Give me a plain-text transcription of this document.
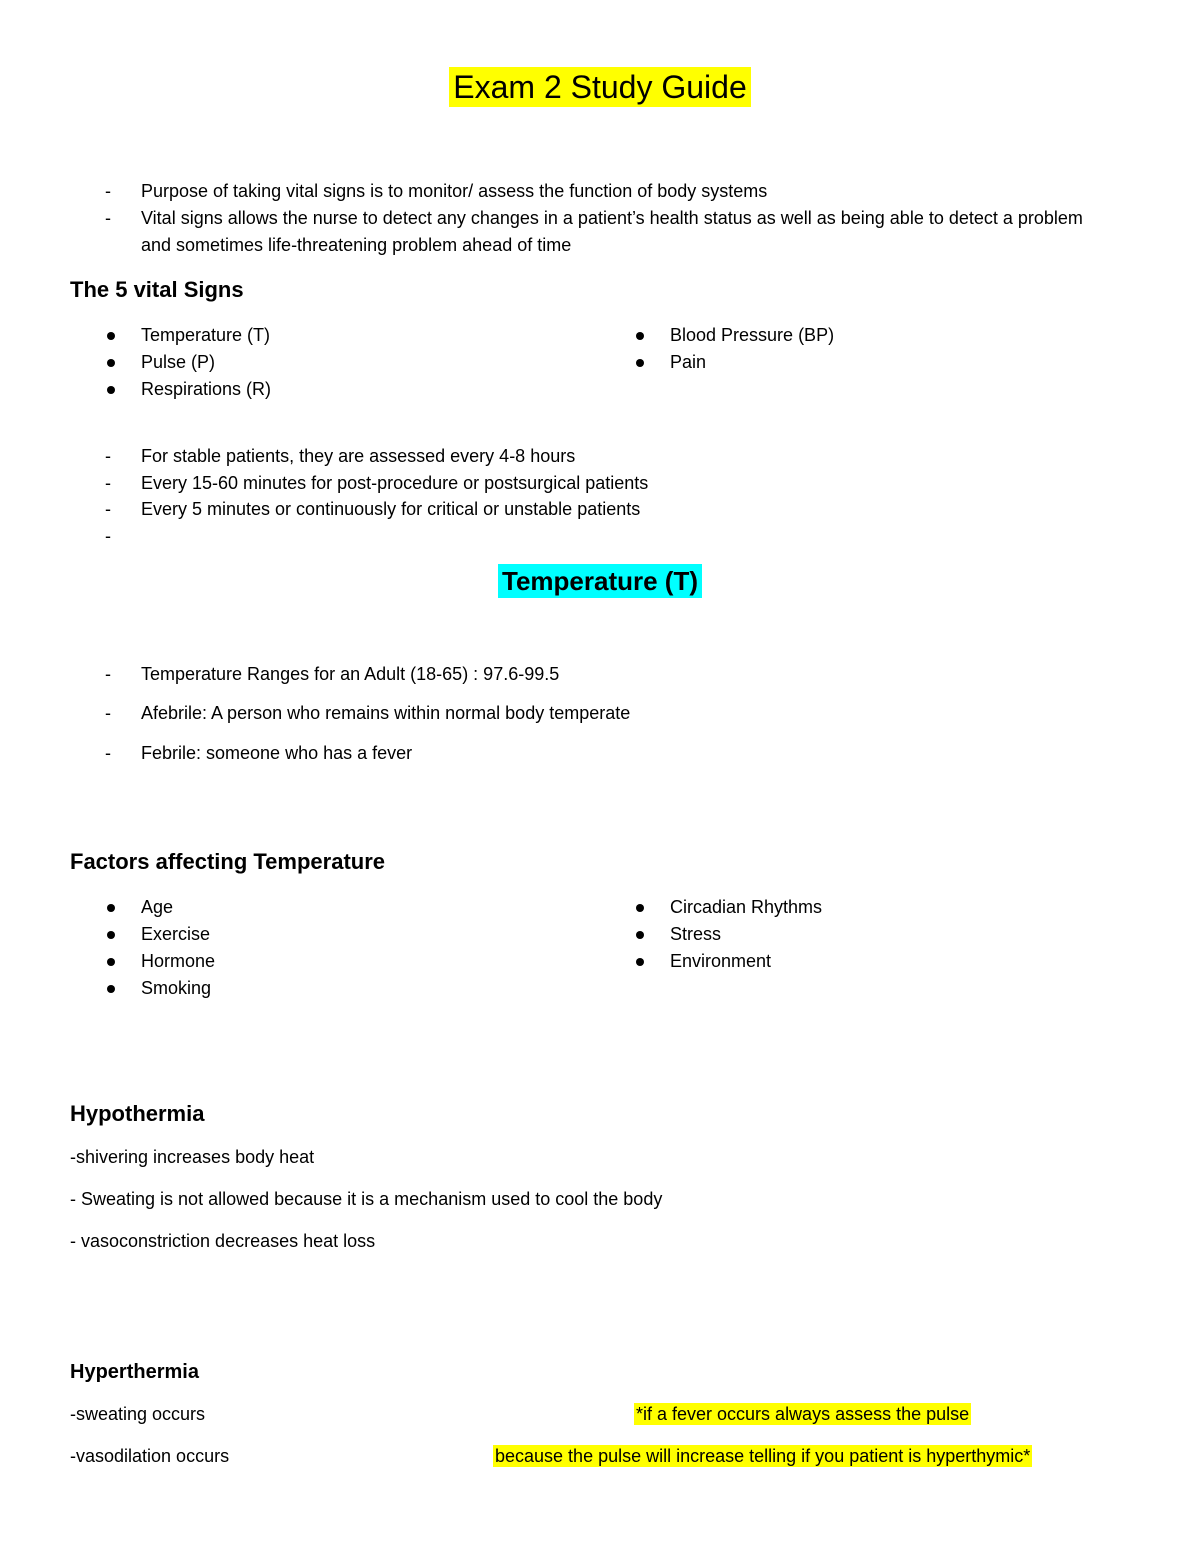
Exam 2 Study Guide
- Purpose of taking vital signs is to monitor/ assess the function of body systems
- Vital signs allows the nurse to detect any changes in a patient’s health status as well as being able to detect a problem and sometimes life-threatening problem ahead of time
The 5 vital Signs
Temperature (T)
Pulse (P)
Respirations (R)
Blood Pressure (BP)
Pain
- For stable patients, they are assessed every 4-8 hours
- Every 15-60 minutes for post-procedure or postsurgical patients
- Every 5 minutes or continuously for critical or unstable patients
-
Temperature (T)
- Temperature Ranges for an Adult (18-65) : 97.6-99.5
- Afebrile: A person who remains within normal body temperate
- Febrile: someone who has a fever
Factors affecting Temperature
Age
Exercise
Hormone
Smoking
Circadian Rhythms
Stress
Environment
Hypothermia
-shivering increases body heat
- Sweating is not allowed because it is a mechanism used to cool the body
- vasoconstriction decreases heat loss
Hyperthermia
-sweating occurs
-vasodilation occurs
*if a fever occurs always assess the pulse
because the pulse will increase telling if you patient is hyperthymic*
